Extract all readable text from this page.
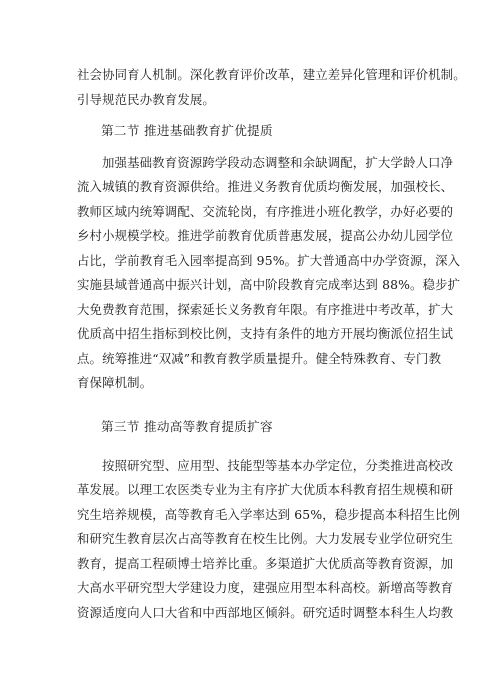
社会协同育人机制。深化教育评价改革，建立差异化管理和评价机制。
引导规范民办教育发展。
第二节 推进基础教育扩优提质
加强基础教育资源跨学段动态调整和余缺调配，扩大学龄人口净
流入城镇的教育资源供给。推进义务教育优质均衡发展，加强校长、
教师区域内统筹调配、交流轮岗，有序推进小班化教学，办好必要的
乡村小规模学校。推进学前教育优质普惠发展，提高公办幼儿园学位
占比，学前教育毛入园率提高到 95%。扩大普通高中办学资源，深入
实施县域普通高中振兴计划，高中阶段教育完成率达到 88%。稳步扩
大免费教育范围，探索延长义务教育年限。有序推进中考改革，扩大
优质高中招生指标到校比例，支持有条件的地方开展均衡派位招生试
点。统筹推进“双减”和教育教学质量提升。健全特殊教育、专门教
育保障机制。
第三节 推动高等教育提质扩容
按照研究型、应用型、技能型等基本办学定位，分类推进高校改
革发展。以理工农医类专业为主有序扩大优质本科教育招生规模和研
究生培养规模，高等教育毛入学率达到 65%，稳步提高本科招生比例
和研究生教育层次占高等教育在校生比例。大力发展专业学位研究生
教育，提高工程硕博士培养比重。多渠道扩大优质高等教育资源，加
大高水平研究型大学建设力度，建强应用型本科高校。新增高等教育
资源适度向人口大省和中西部地区倾斜。研究适时调整本科生人均教
